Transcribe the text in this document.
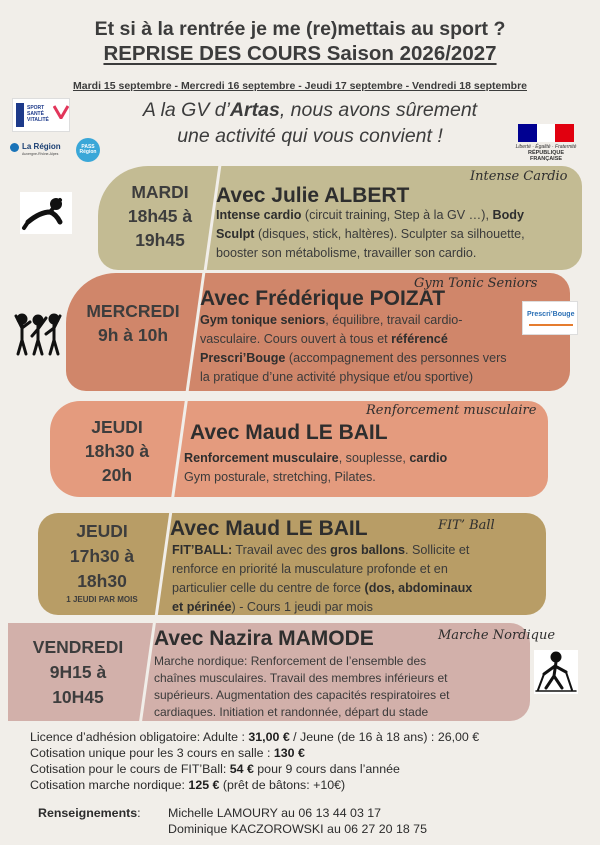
Et si à la rentrée je me (re)mettais au sport ?
REPRISE DES COURS Saison 2026/2027
Mardi 15 septembre - Mercredi 16 septembre - Jeudi 17 septembre - Vendredi 18 septembre
A la GV d’Artas, nous avons sûrement
une activité qui vous convient !
SPORT SANTÉ VITALITÉ
La Région
Auvergne-Rhône-Alpes
PASS Région
Liberté · Égalité · Fraternité
RÉPUBLIQUE FRANÇAISE
MARDI
18h45 à
19h45
Avec Julie ALBERT
Intense cardio (circuit training, Step à la GV …), Body
Sculpt (disques, stick, haltères). Sculpter sa silhouette,
booster son métabolisme, travailler son cardio.
Intense Cardio
MERCREDI
9h à 10h
Avec Frédérique POIZAT
Gym tonique seniors, équilibre, travail cardio-
vasculaire. Cours ouvert à tous et référencé
Prescri’Bouge (accompagnement des personnes vers
la pratique d’une activité physique et/ou sportive)
Gym Tonic Seniors
Prescri’Bouge
JEUDI
18h30 à
20h
Avec Maud LE BAIL
Renforcement musculaire, souplesse, cardio
Gym posturale, stretching, Pilates.
Renforcement musculaire
JEUDI
17h30 à
18h30
1 JEUDI PAR MOIS
Avec Maud LE BAIL
FIT’BALL: Travail avec des gros ballons. Sollicite et
renforce en priorité la musculature profonde et en
particulier celle du centre de force (dos, abdominaux
et périnée) - Cours 1 jeudi par mois
FIT’ Ball
VENDREDI
9H15 à
10H45
Avec Nazira MAMODE
Marche nordique: Renforcement de l’ensemble des
chaînes musculaires. Travail des membres inférieurs et
supérieurs. Augmentation des capacités respiratoires et
cardiaques. Initiation et randonnée, départ du stade
Marche Nordique
Licence d’adhésion obligatoire: Adulte : 31,00 € / Jeune (de 16 à 18 ans) : 26,00 €
Cotisation unique pour les 3 cours en salle : 130 €
Cotisation pour le cours de FIT’Ball: 54 € pour 9 cours dans l’année
Cotisation marche nordique: 125 € (prêt de bâtons: +10€)
Renseignements: Michelle LAMOURY au 06 13 44 03 17
Dominique KACZOROWSKI au 06 27 20 18 75
